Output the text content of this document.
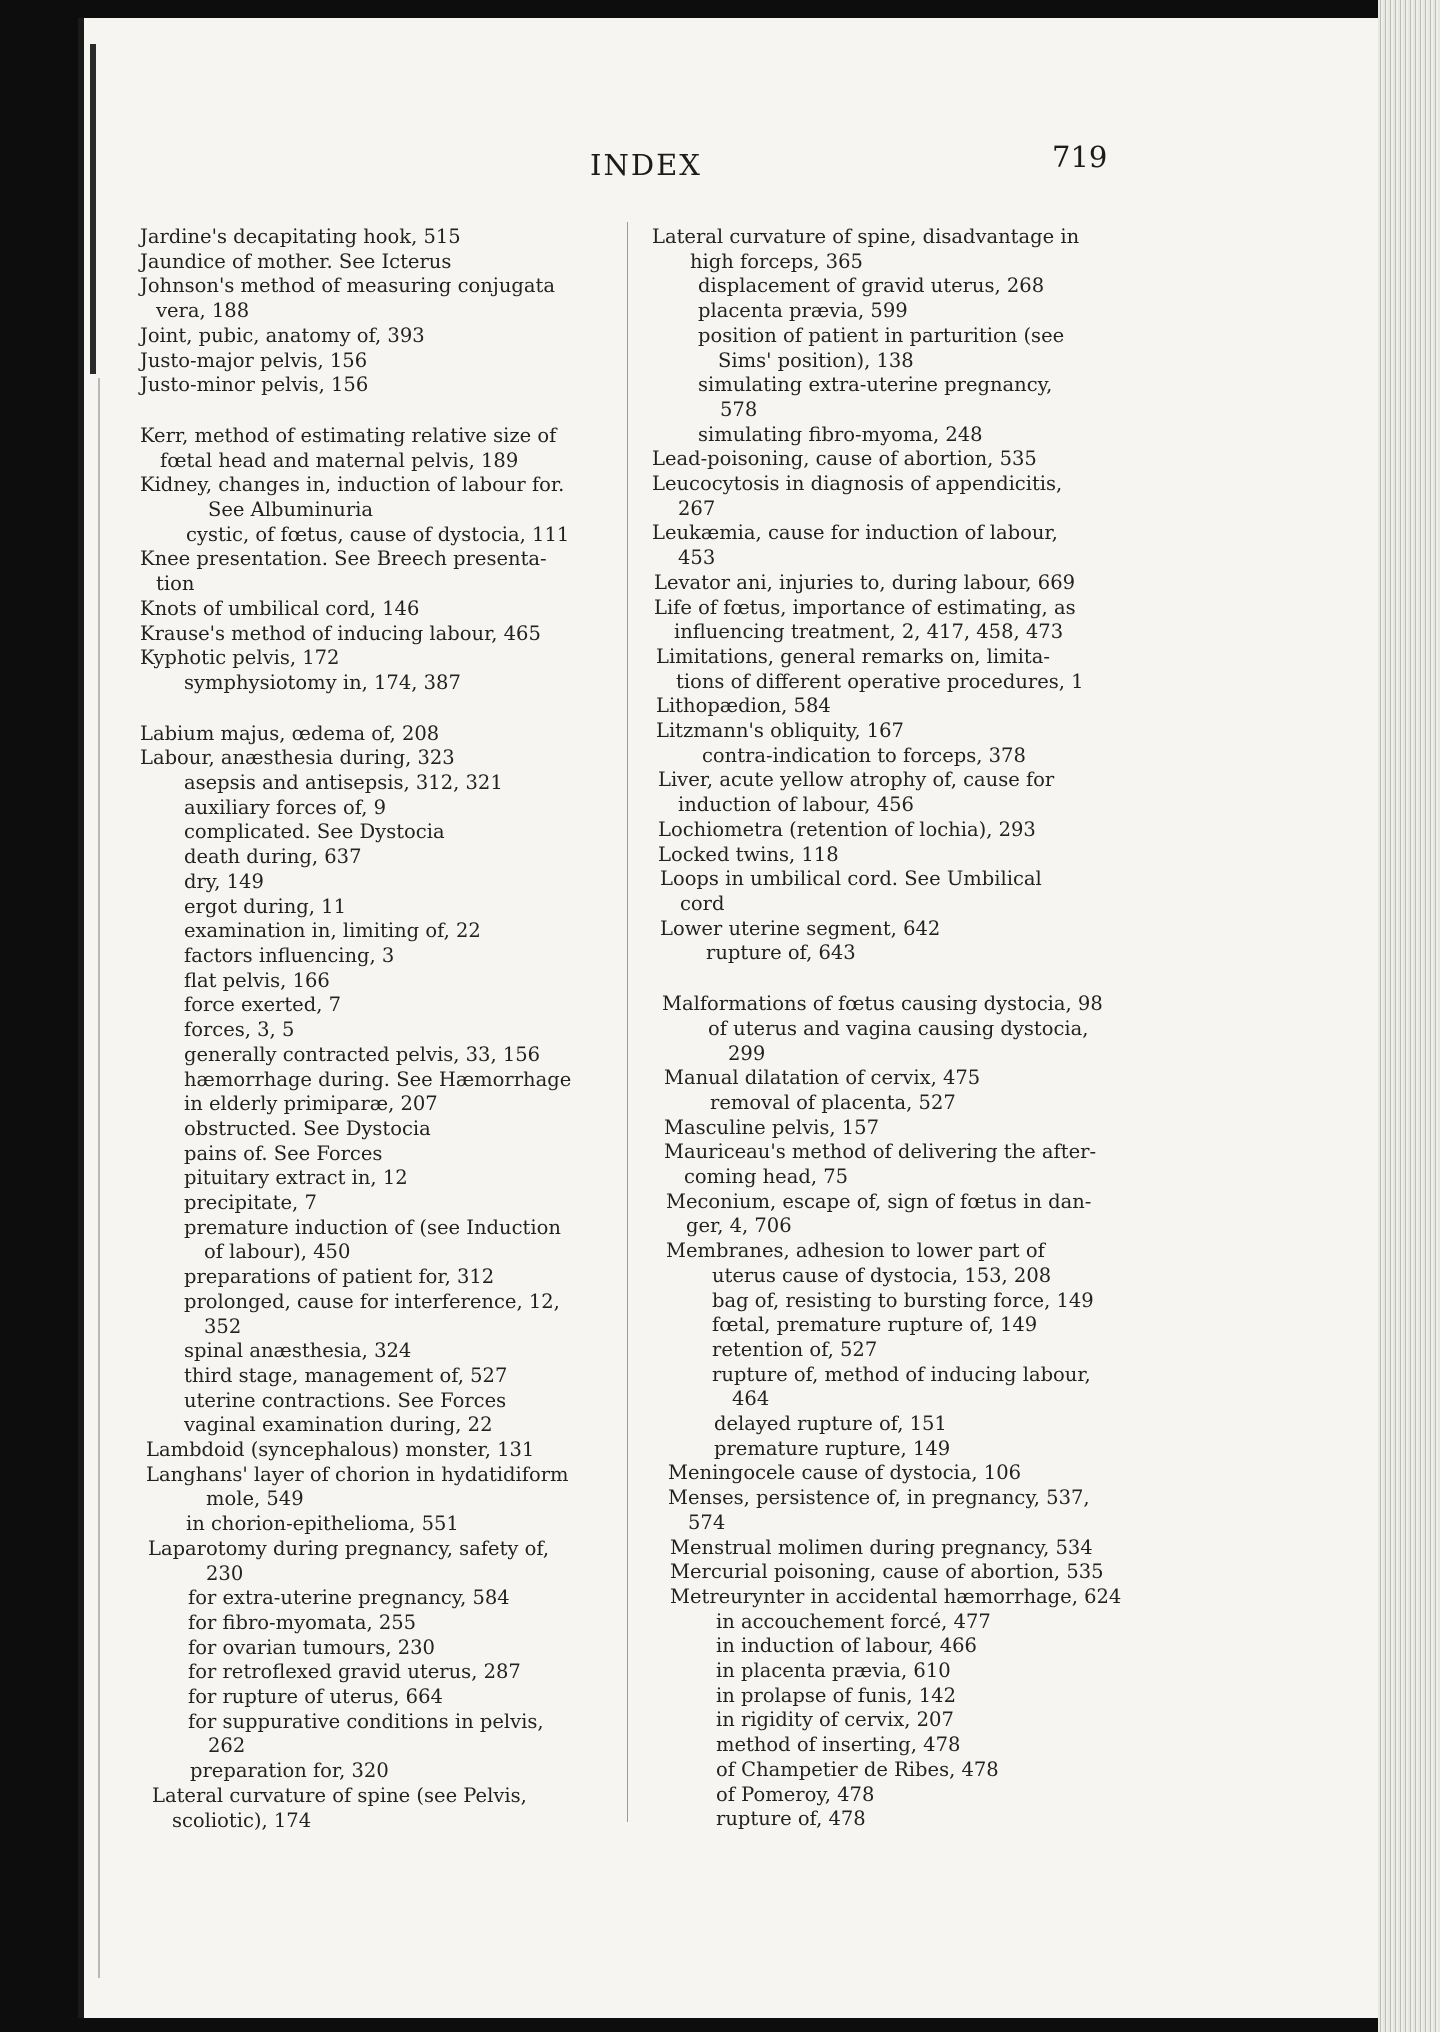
INDEX	719
Jardine's decapitating hook, 515
Jaundice of mother. See Icterus
Johnson's method of measuring conjugata
vera, 188
Joint, pubic, anatomy of, 393
Justo-major pelvis, 156
Justo-minor pelvis, 156
Kerr, method of estimating relative size of
fœtal head and maternal pelvis, 189
Kidney, changes in, induction of labour for.
See Albuminuria
cystic, of fœtus, cause of dystocia, 111
Knee presentation. See Breech presenta-
tion
Knots of umbilical cord, 146
Krause's method of inducing labour, 465
Kyphotic pelvis, 172
symphysiotomy in, 174, 387
Labium majus, œdema of, 208
Labour, anæsthesia during, 323
asepsis and antisepsis, 312, 321
auxiliary forces of, 9
complicated. See Dystocia
death during, 637
dry, 149
ergot during, 11
examination in, limiting of, 22
factors influencing, 3
flat pelvis, 166
force exerted, 7
forces, 3, 5
generally contracted pelvis, 33, 156
hæmorrhage during. See Hæmorrhage
in elderly primiparæ, 207
obstructed. See Dystocia
pains of. See Forces
pituitary extract in, 12
precipitate, 7
premature induction of (see Induction
of labour), 450
preparations of patient for, 312
prolonged, cause for interference, 12,
352
spinal anæsthesia, 324
third stage, management of, 527
uterine contractions. See Forces
vaginal examination during, 22
Lambdoid (syncephalous) monster, 131
Langhans' layer of chorion in hydatidiform
mole, 549
in chorion-epithelioma, 551
Laparotomy during pregnancy, safety of,
230
for extra-uterine pregnancy, 584
for fibro-myomata, 255
for ovarian tumours, 230
for retroflexed gravid uterus, 287
for rupture of uterus, 664
for suppurative conditions in pelvis,
262
preparation for, 320
Lateral curvature of spine (see Pelvis,
scoliotic), 174
Lateral curvature of spine, disadvantage in
high forceps, 365
displacement of gravid uterus, 268
placenta prævia, 599
position of patient in parturition (see
Sims' position), 138
simulating extra-uterine pregnancy,
578
simulating fibro-myoma, 248
Lead-poisoning, cause of abortion, 535
Leucocytosis in diagnosis of appendicitis,
267
Leukæmia, cause for induction of labour,
453
Levator ani, injuries to, during labour, 669
Life of fœtus, importance of estimating, as
influencing treatment, 2, 417, 458, 473
Limitations, general remarks on, limita-
tions of different operative procedures, 1
Lithopædion, 584
Litzmann's obliquity, 167
contra-indication to forceps, 378
Liver, acute yellow atrophy of, cause for
induction of labour, 456
Lochiometra (retention of lochia), 293
Locked twins, 118
Loops in umbilical cord. See Umbilical
cord
Lower uterine segment, 642
rupture of, 643
Malformations of fœtus causing dystocia, 98
of uterus and vagina causing dystocia,
299
Manual dilatation of cervix, 475
removal of placenta, 527
Masculine pelvis, 157
Mauriceau's method of delivering the after-
coming head, 75
Meconium, escape of, sign of fœtus in dan-
ger, 4, 706
Membranes, adhesion to lower part of
uterus cause of dystocia, 153, 208
bag of, resisting to bursting force, 149
fœtal, premature rupture of, 149
retention of, 527
rupture of, method of inducing labour,
464
delayed rupture of, 151
premature rupture, 149
Meningocele cause of dystocia, 106
Menses, persistence of, in pregnancy, 537,
574
Menstrual molimen during pregnancy, 534
Mercurial poisoning, cause of abortion, 535
Metreurynter in accidental hæmorrhage, 624
in accouchement forcé, 477
in induction of labour, 466
in placenta prævia, 610
in prolapse of funis, 142
in rigidity of cervix, 207
method of inserting, 478
of Champetier de Ribes, 478
of Pomeroy, 478
rupture of, 478
